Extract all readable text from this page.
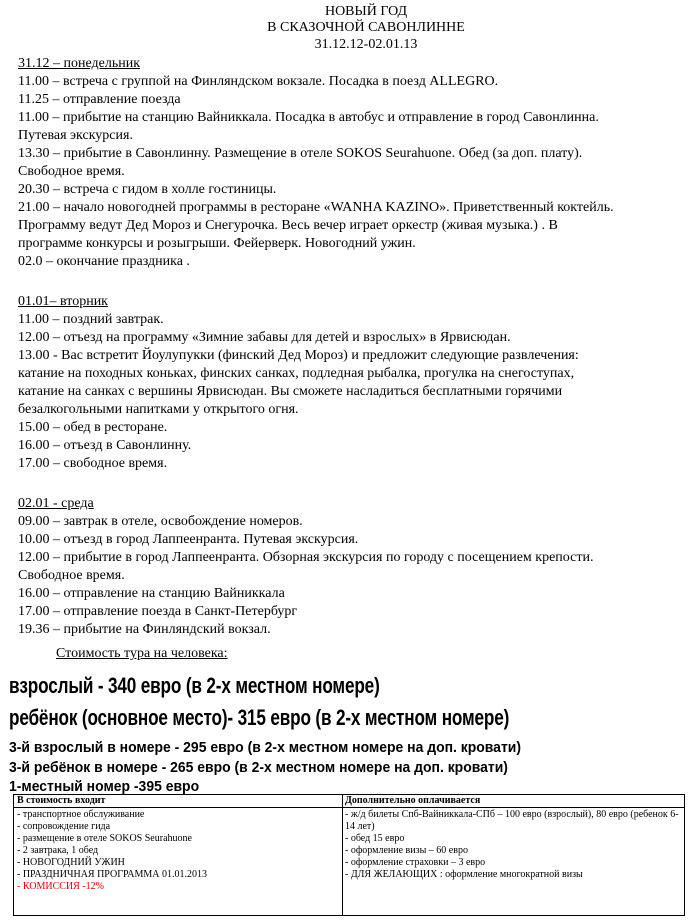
НОВЫЙ ГОД
В СКАЗОЧНОЙ САВОНЛИННЕ
31.12.12-02.01.13
31.12 – понедельник
11.00 – встреча с группой на Финляндском вокзале. Посадка в поезд ALLEGRO.
11.25 – отправление поезда
11.00 – прибытие на станцию Вайниккала. Посадка в автобус и отправление в город Савонлинна.
Путевая экскурсия.
13.30 – прибытие в Савонлинну. Размещение в отеле SOKOS Seurahuone. Обед (за доп. плату).
Свободное время.
20.30 – встреча с гидом в холле гостиницы.
21.00 – начало новогодней программы в ресторане «WANHA KAZINO». Приветственный коктейль.
Программу ведут Дед Мороз и Снегурочка. Весь вечер играет оркестр (живая музыка.) . В
программе конкурсы и розыгрыши. Фейерверк. Новогодний ужин.
02.0 – окончание праздника .
01.01– вторник
11.00 – поздний завтрак.
12.00 – отъезд на программу «Зимние забавы для детей и взрослых» в Ярвисюдан.
13.00 - Вас встретит Йоулупукки (финский Дед Мороз) и предложит следующие развлечения:
катание на походных коньках, финских санках, подледная рыбалка, прогулка на снегоступах,
катание на санках с вершины Ярвисюдан. Вы сможете насладиться бесплатными горячими
безалкогольными напитками у открытого огня.
15.00 – обед в ресторане.
16.00 – отъезд в Савонлинну.
17.00 – свободное время.
02.01 - среда
09.00 – завтрак в отеле, освобождение номеров.
10.00 – отъезд в город Лаппеенранта. Путевая экскурсия.
12.00 – прибытие в город Лаппеенранта. Обзорная экскурсия по городу с посещением крепости.
Свободное время.
16.00 – отправление на станцию Вайниккала
17.00 – отправление поезда в Санкт-Петербург
19.36 – прибытие на Финляндский вокзал.
Стоимость тура на человека:
взрослый - 340 евро (в 2-х местном номере)
ребёнок (основное место)- 315 евро (в 2-х местном номере)
3-й взрослый в номере - 295 евро (в 2-х местном номере на доп. кровати)
3-й ребёнок в номере - 265 евро (в 2-х местном номере на доп. кровати)
1-местный номер -395 евро
В стоимость входит
- транспортное обслуживание
- сопровождение гида
- размещение в отеле SOKOS Seurahuone
- 2 завтрака, 1 обед
- НОВОГОДНИЙ УЖИН
- ПРАЗДНИЧНАЯ ПРОГРАММА 01.01.2013
- КОМИССИЯ -12%
Дополнительно оплачивается
- ж/д билеты Спб-Вайниккала-СПб – 100 евро (взрослый), 80 евро (ребенок 6-14 лет)
- обед 15 евро
- оформление визы – 60 евро
- оформление страховки – 3 евро
- ДЛЯ ЖЕЛАЮЩИХ : оформление многократной визы
